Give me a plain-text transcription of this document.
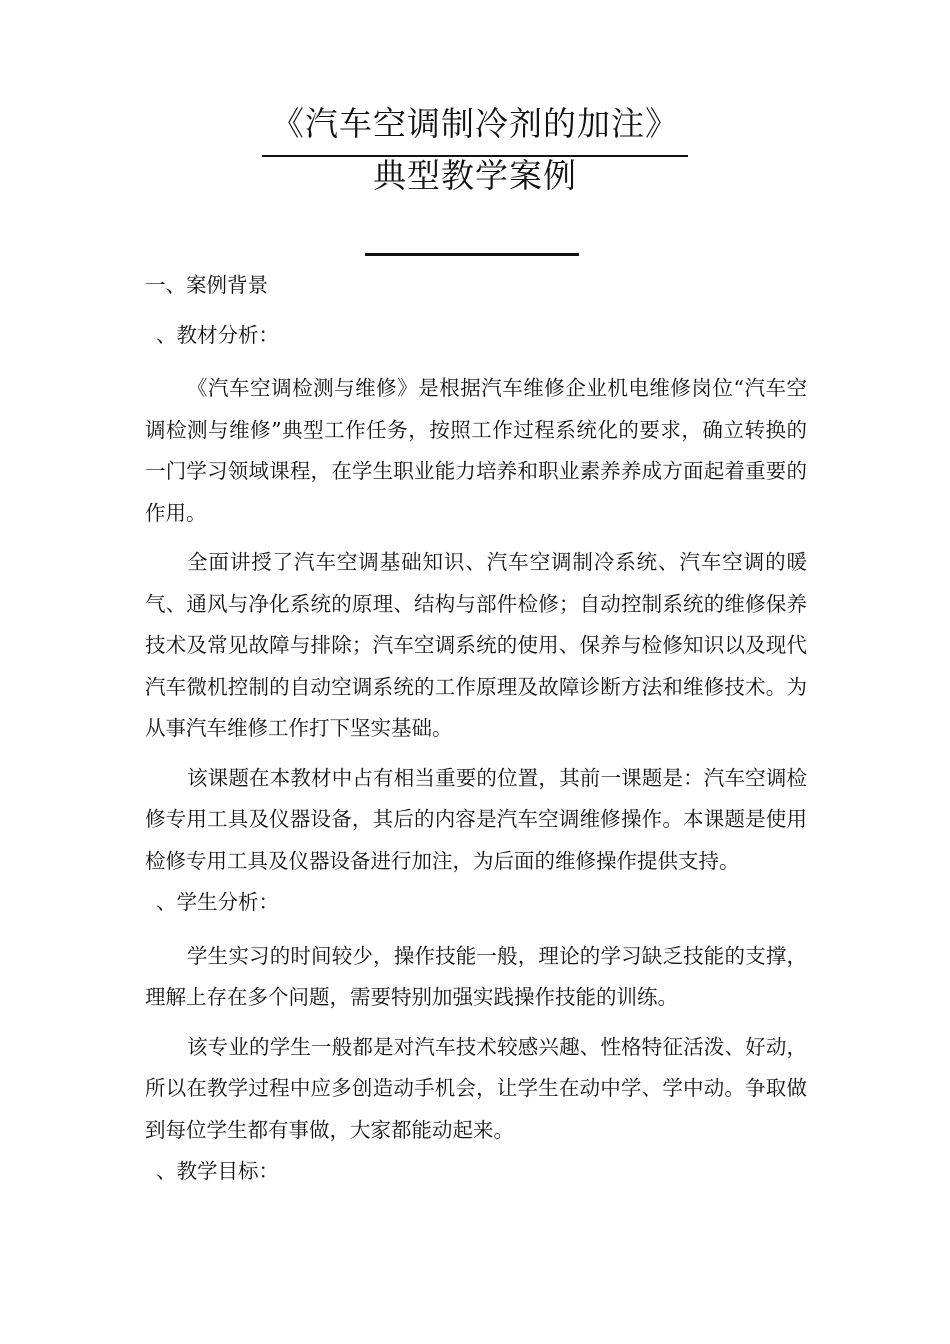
《汽车空调制冷剂的加注》
典型教学案例

一、案例背景

、教材分析：

《汽车空调检测与维修》是根据汽车维修企业机电维修岗位“汽车空调检测与维修”典型工作任务，按照工作过程系统化的要求，确立转换的一门学习领域课程，在学生职业能力培养和职业素养养成方面起着重要的作用。

全面讲授了汽车空调基础知识、汽车空调制冷系统、汽车空调的暖气、通风与净化系统的原理、结构与部件检修；自动控制系统的维修保养技术及常见故障与排除；汽车空调系统的使用、保养与检修知识以及现代汽车微机控制的自动空调系统的工作原理及故障诊断方法和维修技术。为从事汽车维修工作打下坚实基础。

该课题在本教材中占有相当重要的位置，其前一课题是：汽车空调检修专用工具及仪器设备，其后的内容是汽车空调维修操作。本课题是使用检修专用工具及仪器设备进行加注，为后面的维修操作提供支持。

、学生分析：

学生实习的时间较少，操作技能一般，理论的学习缺乏技能的支撑，理解上存在多个问题，需要特别加强实践操作技能的训练。

该专业的学生一般都是对汽车技术较感兴趣、性格特征活泼、好动，所以在教学过程中应多创造动手机会，让学生在动中学、学中动。争取做到每位学生都有事做，大家都能动起来。

、教学目标：
